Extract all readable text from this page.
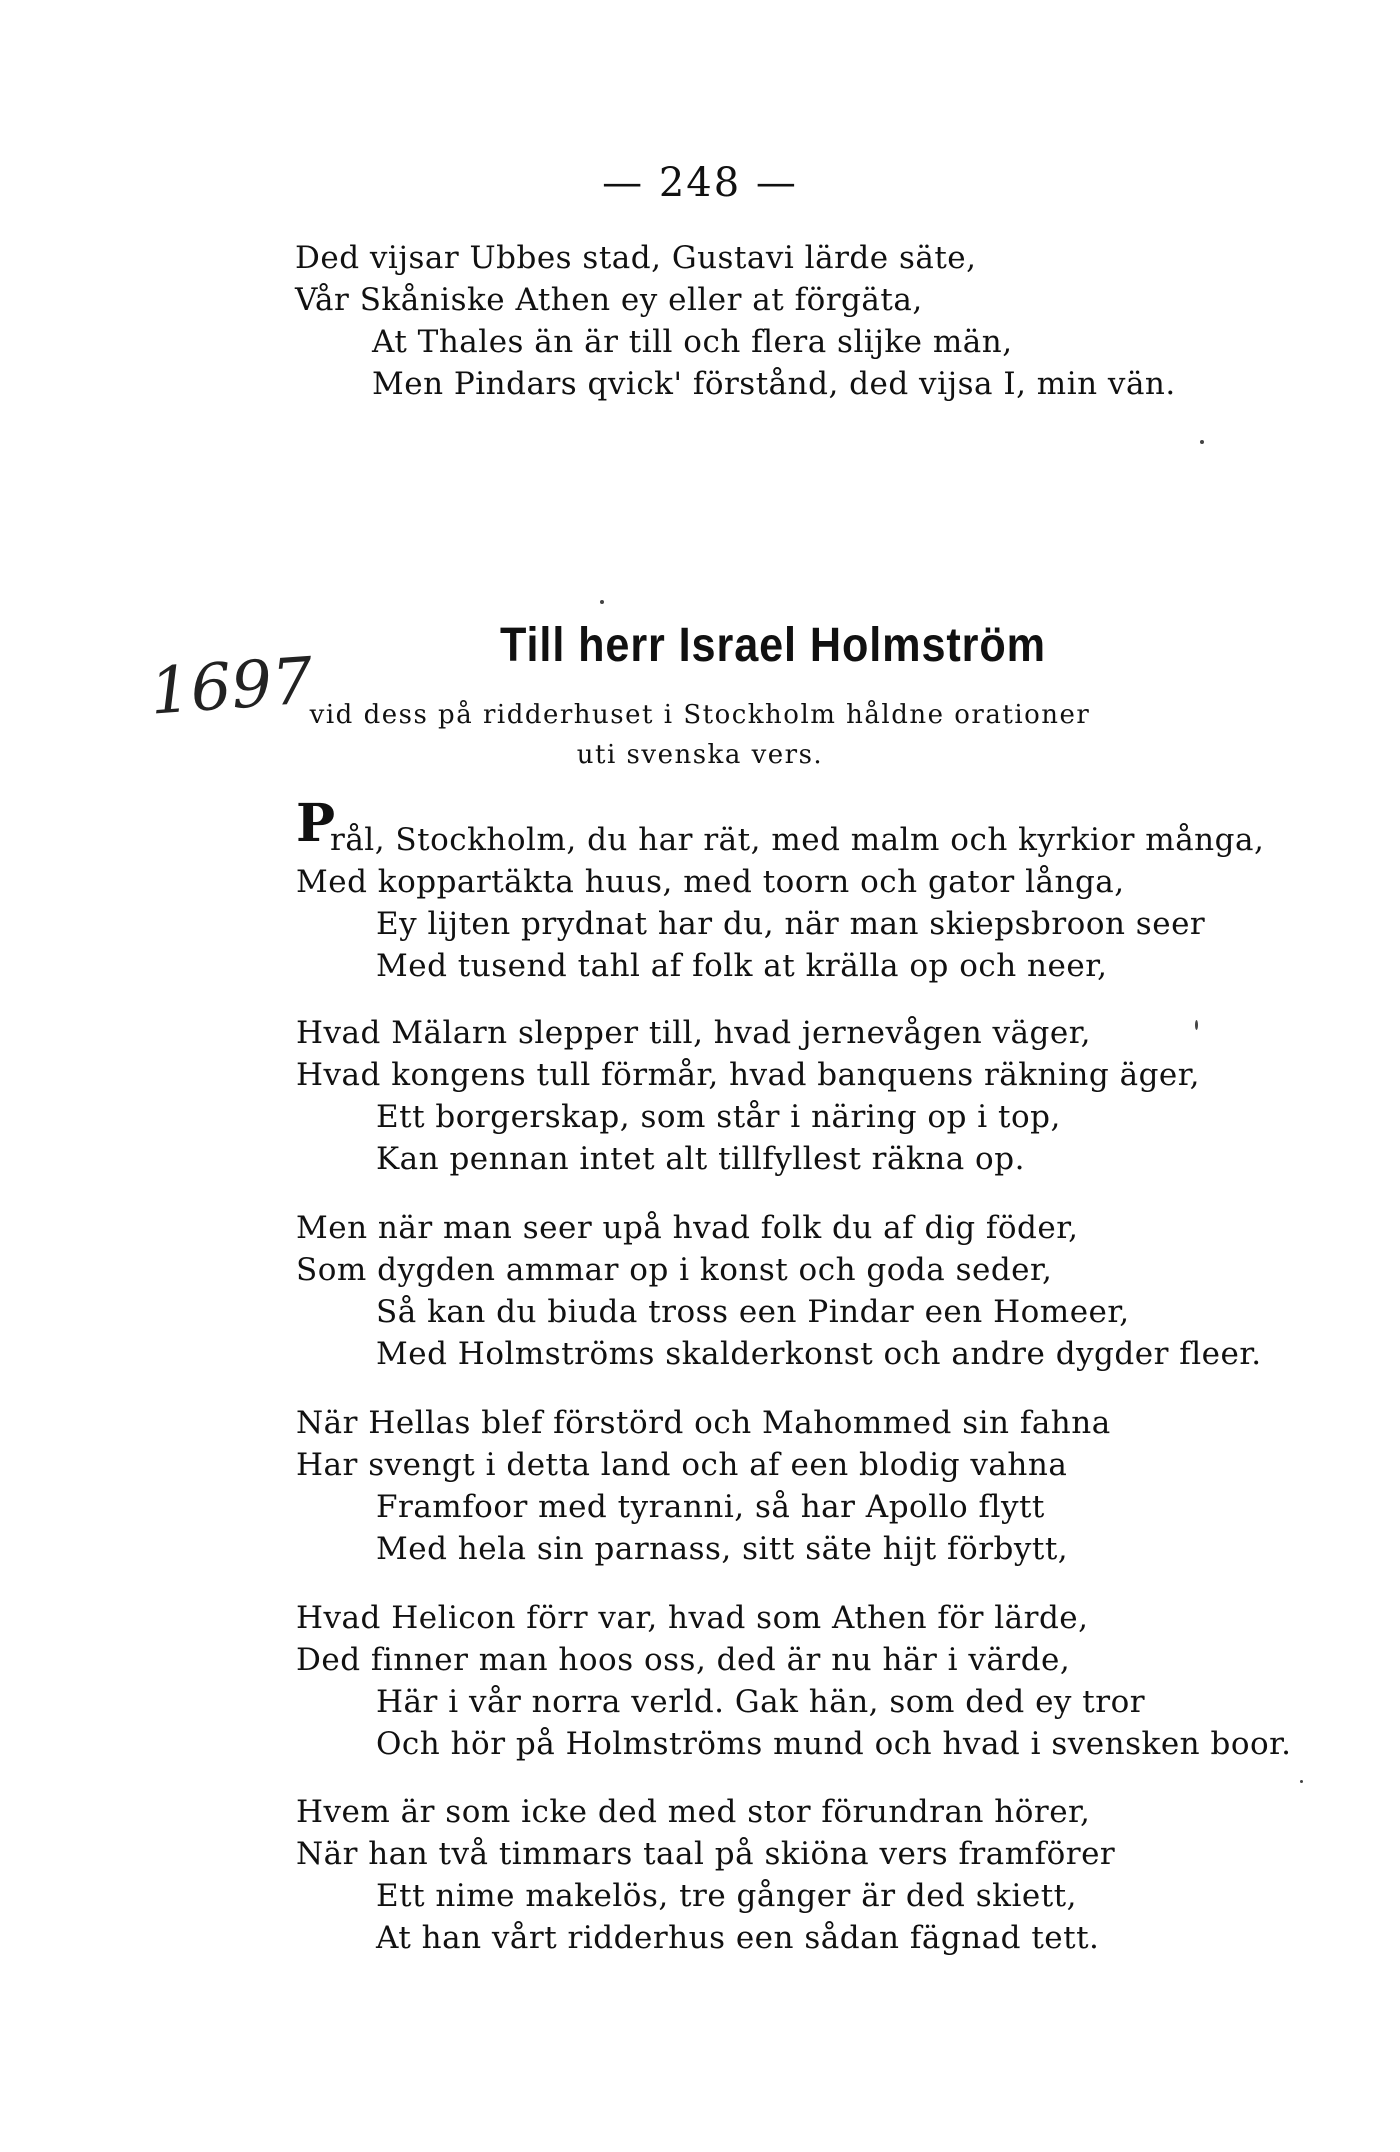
— 248 —
Ded vijsar Ubbes stad, Gustavi lärde säte,
Vår Skåniske Athen ey eller at förgäta,
At Thales än är till och flera slijke män,
Men Pindars qvick' förstånd, ded vijsa I, min vän.
1697	Till herr Israel Holmström
vid dess på ridderhuset i Stockholm håldne orationer
uti svenska vers.
P
rål, Stockholm, du har rät, med malm och kyrkior många,
Med koppartäkta huus, med toorn och gator långa,
Ey lijten prydnat har du, när man skiepsbroon seer
Med tusend tahl af folk at krälla op och neer,
Hvad Mälarn slepper till, hvad jernevågen väger,
Hvad kongens tull förmår, hvad banquens räkning äger,
Ett borgerskap, som står i näring op i top,
Kan pennan intet alt tillfyllest räkna op.
Men när man seer upå hvad folk du af dig föder,
Som dygden ammar op i konst och goda seder,
Så kan du biuda tross een Pindar een Homeer,
Med Holmströms skalderkonst och andre dygder fleer.
När Hellas blef förstörd och Mahommed sin fahna
Har svengt i detta land och af een blodig vahna
Framfoor med tyranni, så har Apollo flytt
Med hela sin parnass, sitt säte hijt förbytt,
Hvad Helicon förr var, hvad som Athen för lärde,
Ded finner man hoos oss, ded är nu här i värde,
Här i vår norra verld. Gak hän, som ded ey tror
Och hör på Holmströms mund och hvad i svensken boor.
Hvem är som icke ded med stor förundran hörer,
När han två timmars taal på skiöna vers framförer
Ett nime makelös, tre gånger är ded skiett,
At han vårt ridderhus een sådan fägnad tett.
